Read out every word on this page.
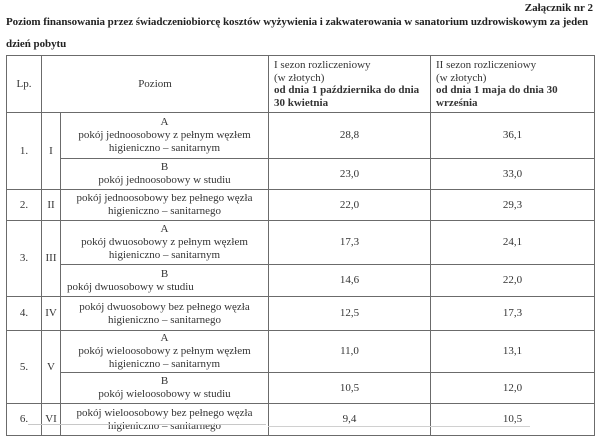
Załącznik nr 2
Poziom finansowania przez świadczeniobiorcę kosztów wyżywienia i zakwaterowania w sanatorium uzdrowiskowym za jeden dzień pobytu
Lp.	Poziom		I sezon rozliczeniowy
(w złotych)
od dnia 1 października do dnia 30 kwietnia	II sezon rozliczeniowy
(w złotych)
od dnia 1 maja do dnia 30 września

1.	I	A
pokój jednoosobowy z pełnym węzłem higieniczno – sanitarnym	28,8	36,1

		B
pokój jednoosobowy w studiu	23,0	33,0
2.	II	pokój jednoosobowy bez pełnego węzła higieniczno – sanitarnego	22,0	29,3
3.	III	A
pokój dwuosobowy z pełnym węzłem higieniczno – sanitarnym	17,3	24,1

		B
pokój dwuosobowy w studiu	14,6	22,0
4.	IV	pokój dwuosobowy bez pełnego węzła higieniczno – sanitarnego	12,5	17,3
5.	V	A
pokój wieloosobowy z pełnym węzłem higieniczno – sanitarnym	11,0	13,1

		B
pokój wieloosobowy w studiu	10,5	12,0
6.	VI	pokój wieloosobowy bez pełnego węzła higieniczno – sanitarnego	9,4	10,5
